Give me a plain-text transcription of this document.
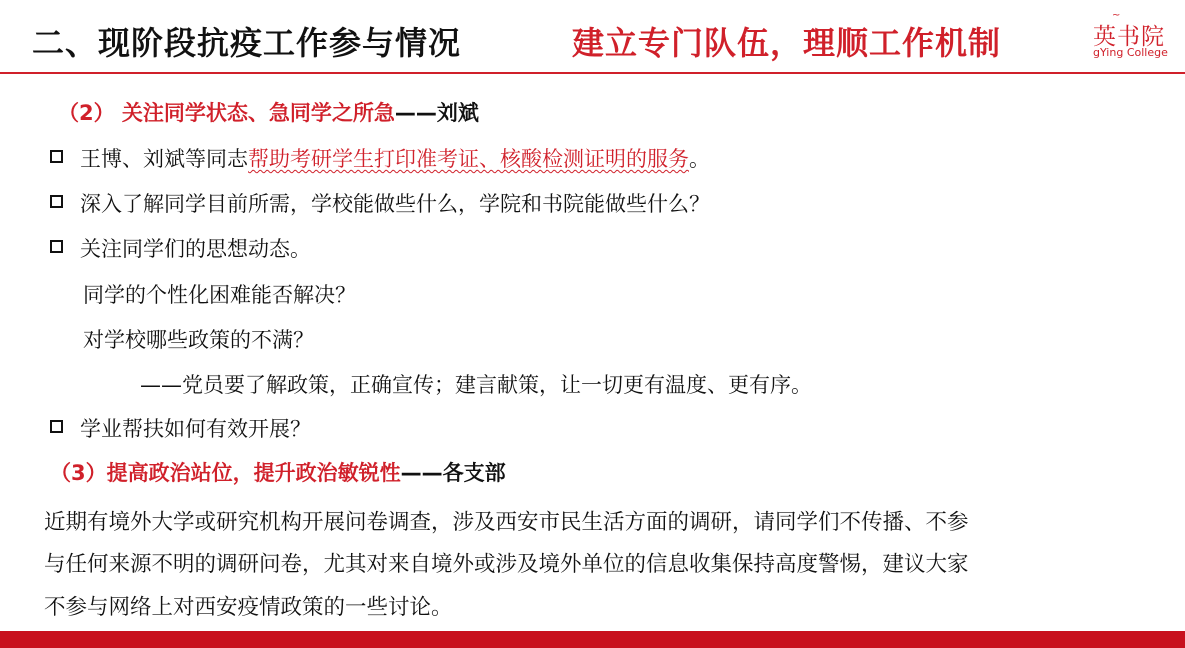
二、现阶段抗疫工作参与情况	建立专门队伍，理顺工作机制
~
英书院
gYing College
（2） 关注同学状态、急同学之所急——刘斌
王博、刘斌等同志帮助考研学生打印准考证、核酸检测证明的服务。
深入了解同学目前所需，学校能做些什么，学院和书院能做些什么？
关注同学们的思想动态。
同学的个性化困难能否解决？
对学校哪些政策的不满？
——党员要了解政策，正确宣传；建言献策，让一切更有温度、更有序。
学业帮扶如何有效开展？
（3）提高政治站位，提升政治敏锐性——各支部
近期有境外大学或研究机构开展问卷调查，涉及西安市民生活方面的调研，请同学们不传播、不参
与任何来源不明的调研问卷，尤其对来自境外或涉及境外单位的信息收集保持高度警惕，建议大家
不参与网络上对西安疫情政策的一些讨论。
